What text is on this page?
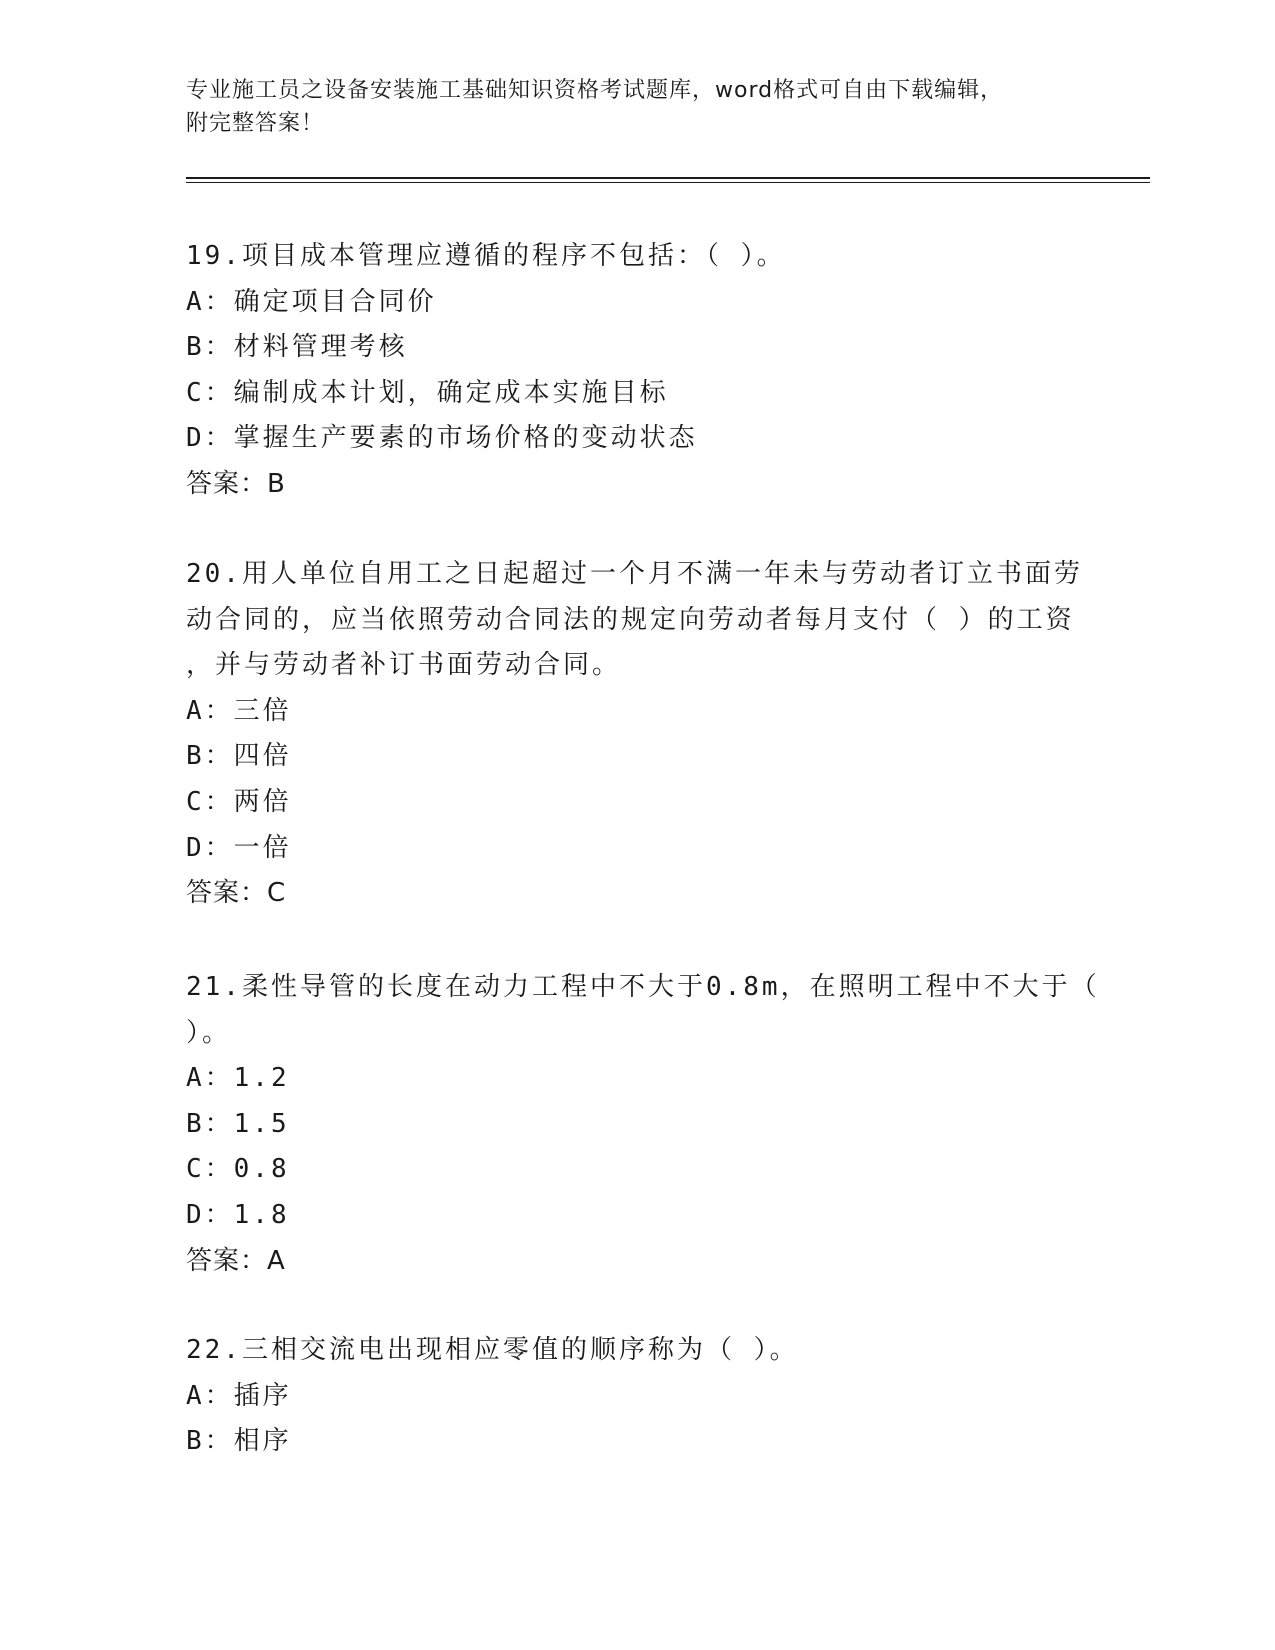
专业施工员之设备安装施工基础知识资格考试题库，word格式可自由下载编辑，
附完整答案！
19.项目成本管理应遵循的程序不包括：（ ）。
A：确定项目合同价
B：材料管理考核
C：编制成本计划，确定成本实施目标
D：掌握生产要素的市场价格的变动状态
答案：B
20.用人单位自用工之日起超过一个月不满一年未与劳动者订立书面劳
动合同的，应当依照劳动合同法的规定向劳动者每月支付（ ）的工资
，并与劳动者补订书面劳动合同。
A：三倍
B：四倍
C：两倍
D：一倍
答案：C
21.柔性导管的长度在动力工程中不大于0.8m，在照明工程中不大于（
）。
A：1.2
B：1.5
C：0.8
D：1.8
答案：A
22.三相交流电出现相应零值的顺序称为（ ）。
A：插序
B：相序
